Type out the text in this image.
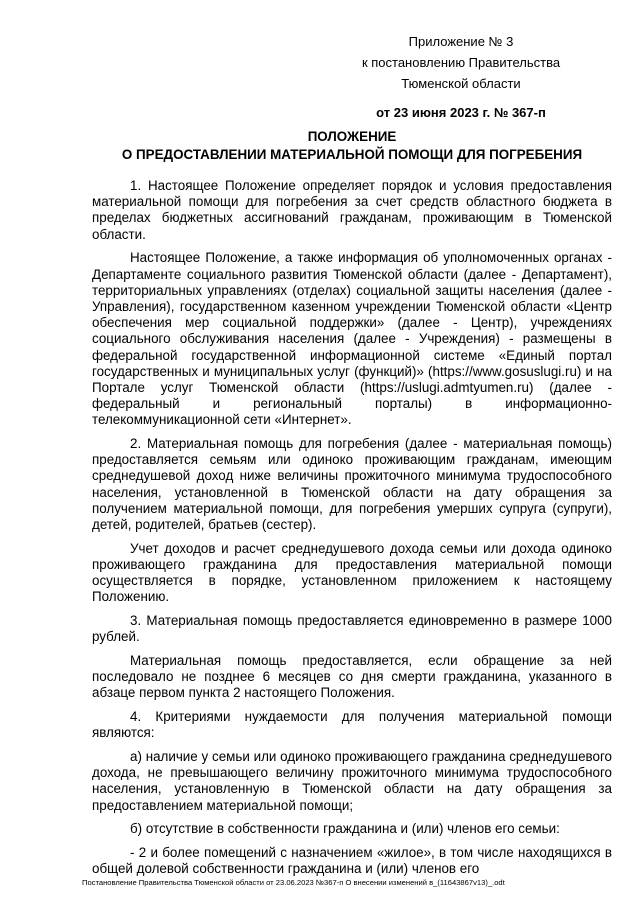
Приложение № 3
к постановлению Правительства
Тюменской области
от 23 июня 2023 г. № 367-п
ПОЛОЖЕНИЕ
О ПРЕДОСТАВЛЕНИИ МАТЕРИАЛЬНОЙ ПОМОЩИ ДЛЯ ПОГРЕБЕНИЯ

1. Настоящее Положение определяет порядок и условия предоставления материальной помощи для погребения за счет средств областного бюджета в пределах бюджетных ассигнований гражданам, проживающим в Тюменской области.

Настоящее Положение, а также информация об уполномоченных органах - Департаменте социального развития Тюменской области (далее - Департамент), территориальных управлениях (отделах) социальной защиты населения (далее - Управления), государственном казенном учреждении Тюменской области «Центр обеспечения мер социальной поддержки» (далее - Центр), учреждениях социального обслуживания населения (далее - Учреждения) - размещены в федеральной государственной информационной системе «Единый портал государственных и муниципальных услуг (функций)» (https://www.gosuslugi.ru) и на Портале услуг Тюменской области (https://uslugi.admtyumen.ru) (далее - федеральный и региональный порталы) в информационно-телекоммуникационной сети «Интернет».

2. Материальная помощь для погребения (далее - материальная помощь) предоставляется семьям или одиноко проживающим гражданам, имеющим среднедушевой доход ниже величины прожиточного минимума трудоспособного населения, установленной в Тюменской области на дату обращения за получением материальной помощи, для погребения умерших супруга (супруги), детей, родителей, братьев (сестер).

Учет доходов и расчет среднедушевого дохода семьи или дохода одиноко проживающего гражданина для предоставления материальной помощи осуществляется в порядке, установленном приложением к настоящему Положению.

3. Материальная помощь предоставляется единовременно в размере 1000 рублей.

Материальная помощь предоставляется, если обращение за ней последовало не позднее 6 месяцев со дня смерти гражданина, указанного в абзаце первом пункта 2 настоящего Положения.

4. Критериями нуждаемости для получения материальной помощи являются:

а) наличие у семьи или одиноко проживающего гражданина среднедушевого дохода, не превышающего величину прожиточного минимума трудоспособного населения, установленную в Тюменской области на дату обращения за предоставлением материальной помощи;

б) отсутствие в собственности гражданина и (или) членов его семьи:

- 2 и более помещений с назначением «жилое», в том числе находящихся в общей долевой собственности гражданина и (или) членов его

Постановление Правительства Тюменской области от 23.06.2023 №367-п О внесении изменений в_(11643867v13)_.odt
